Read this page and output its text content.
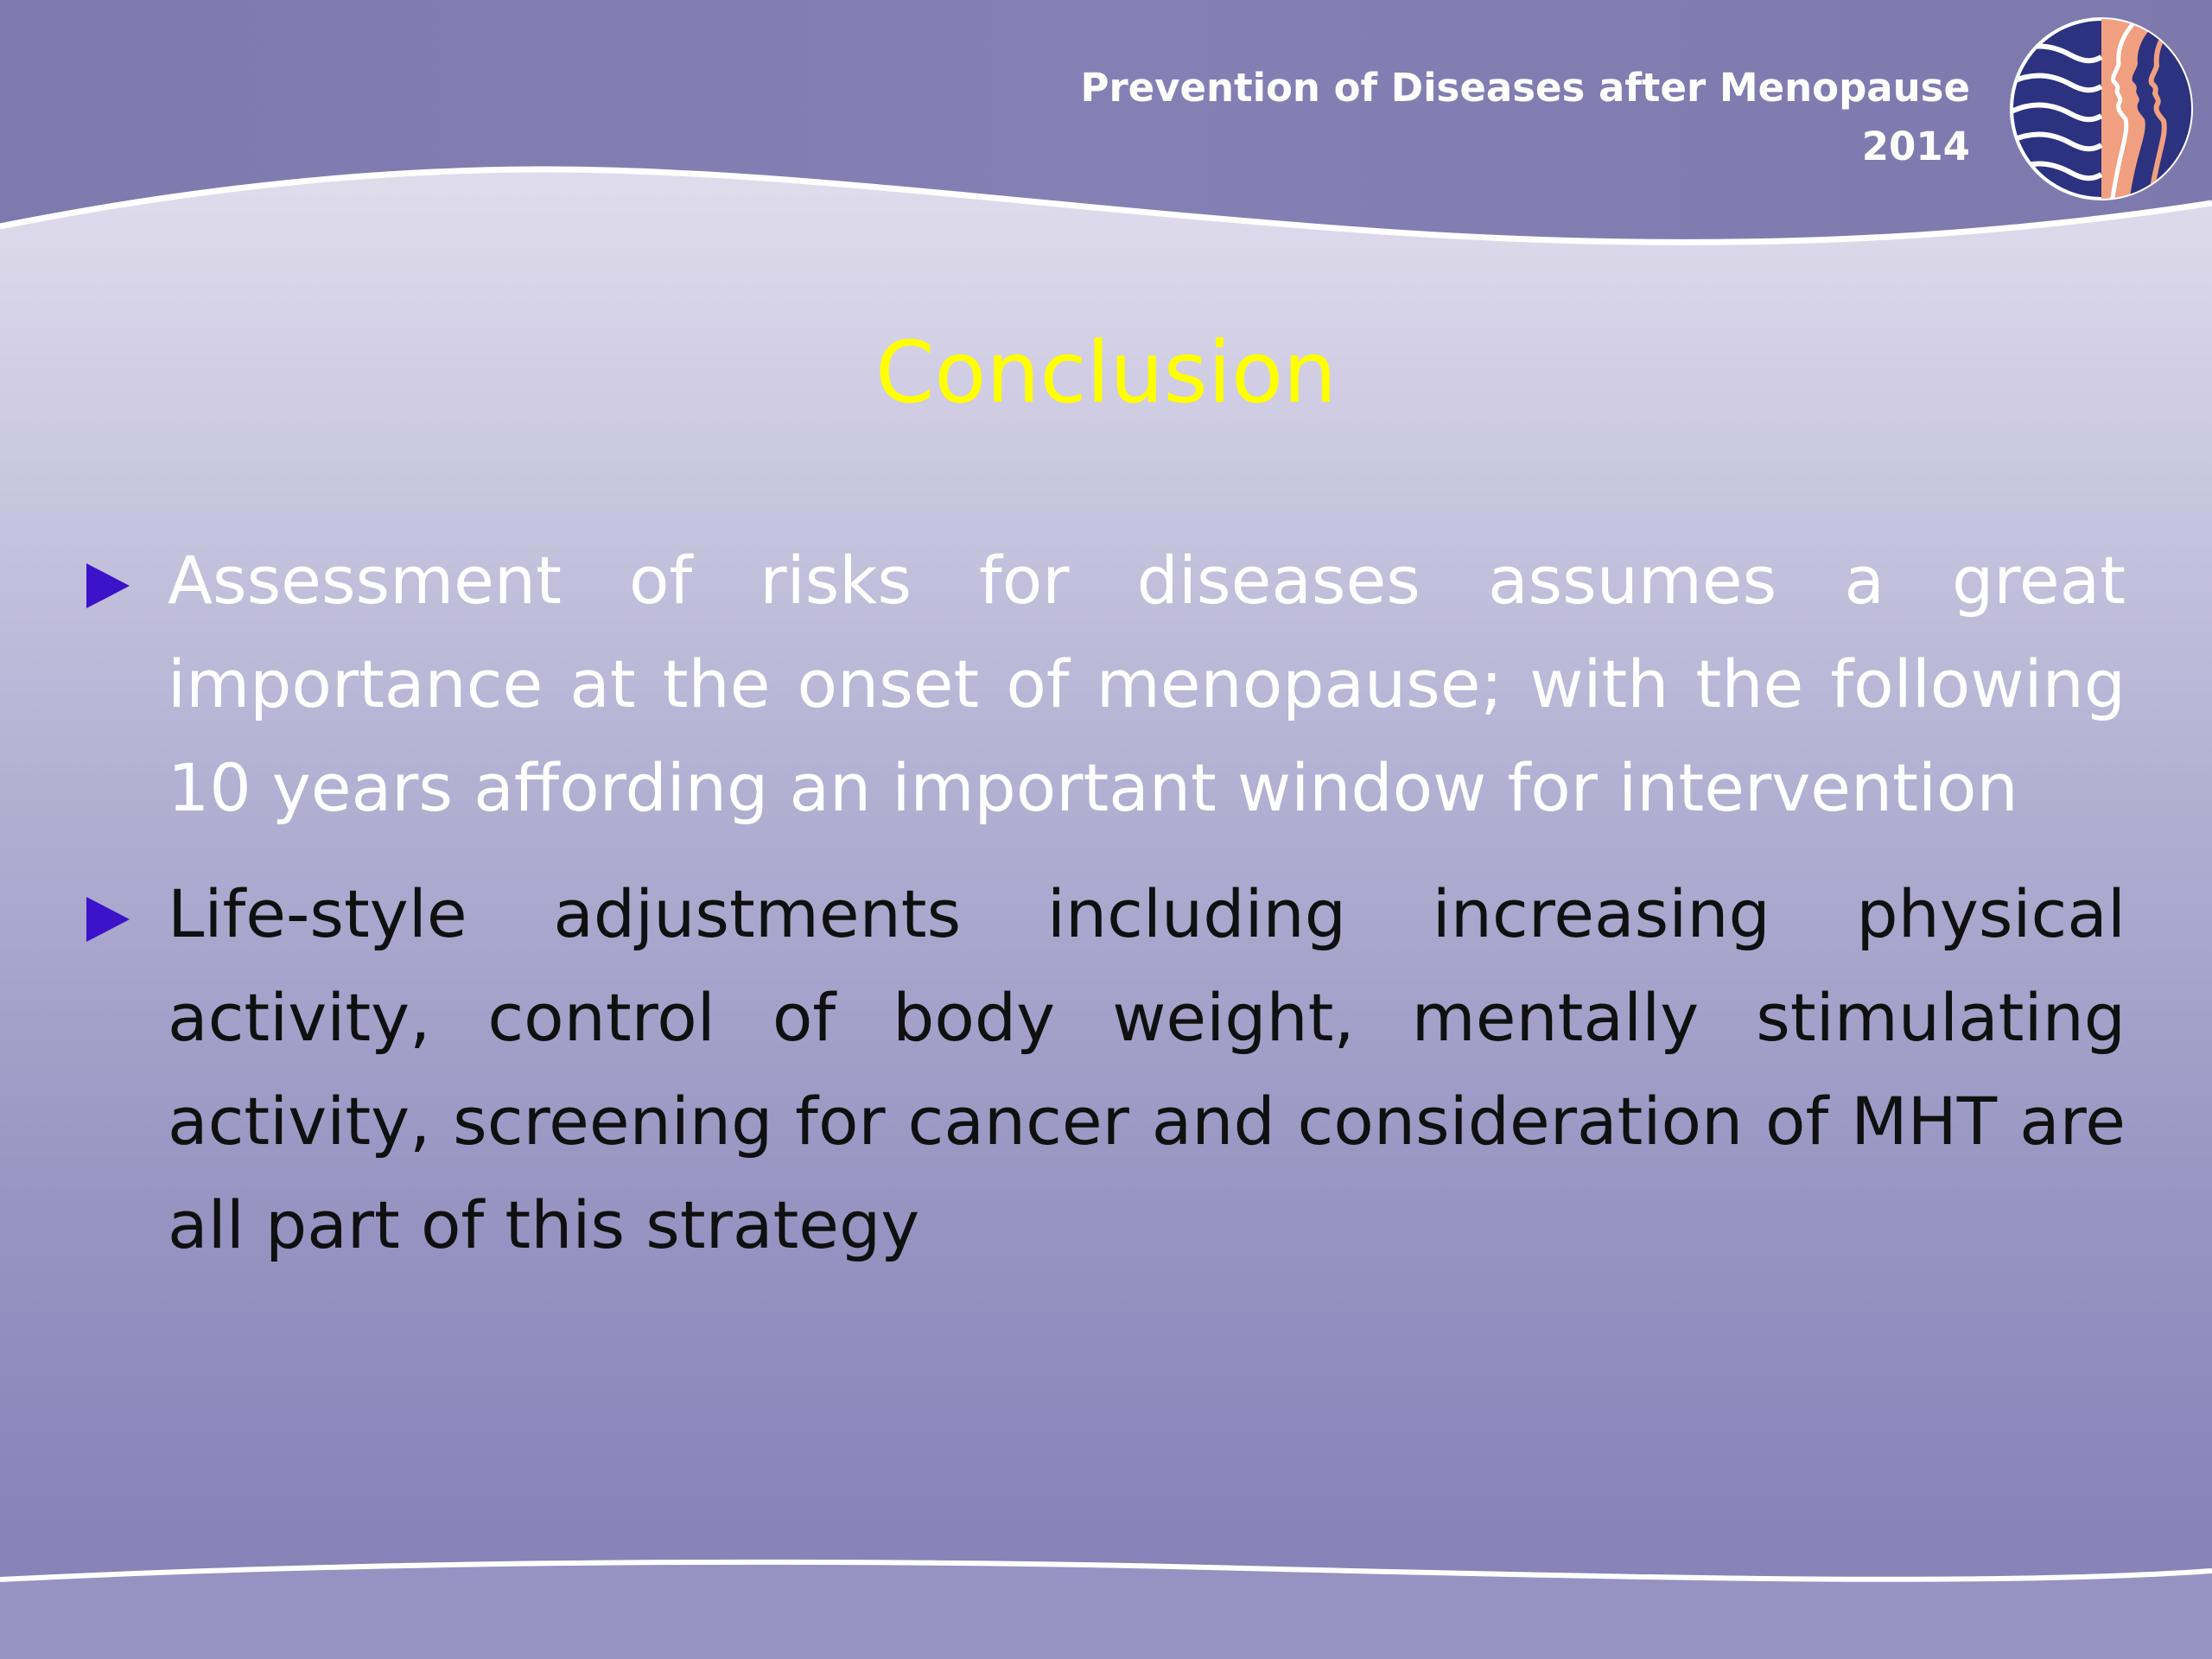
Prevention of Diseases after Menopause
2014
Conclusion
Assessment of risks for diseases assumes a great importance at the onset of menopause; with the following 10 years affording an important window for intervention
Life-style adjustments including increasing physical activity, control of body weight, mentally stimulating activity, screening for cancer and consideration of MHT are all part of this strategy
